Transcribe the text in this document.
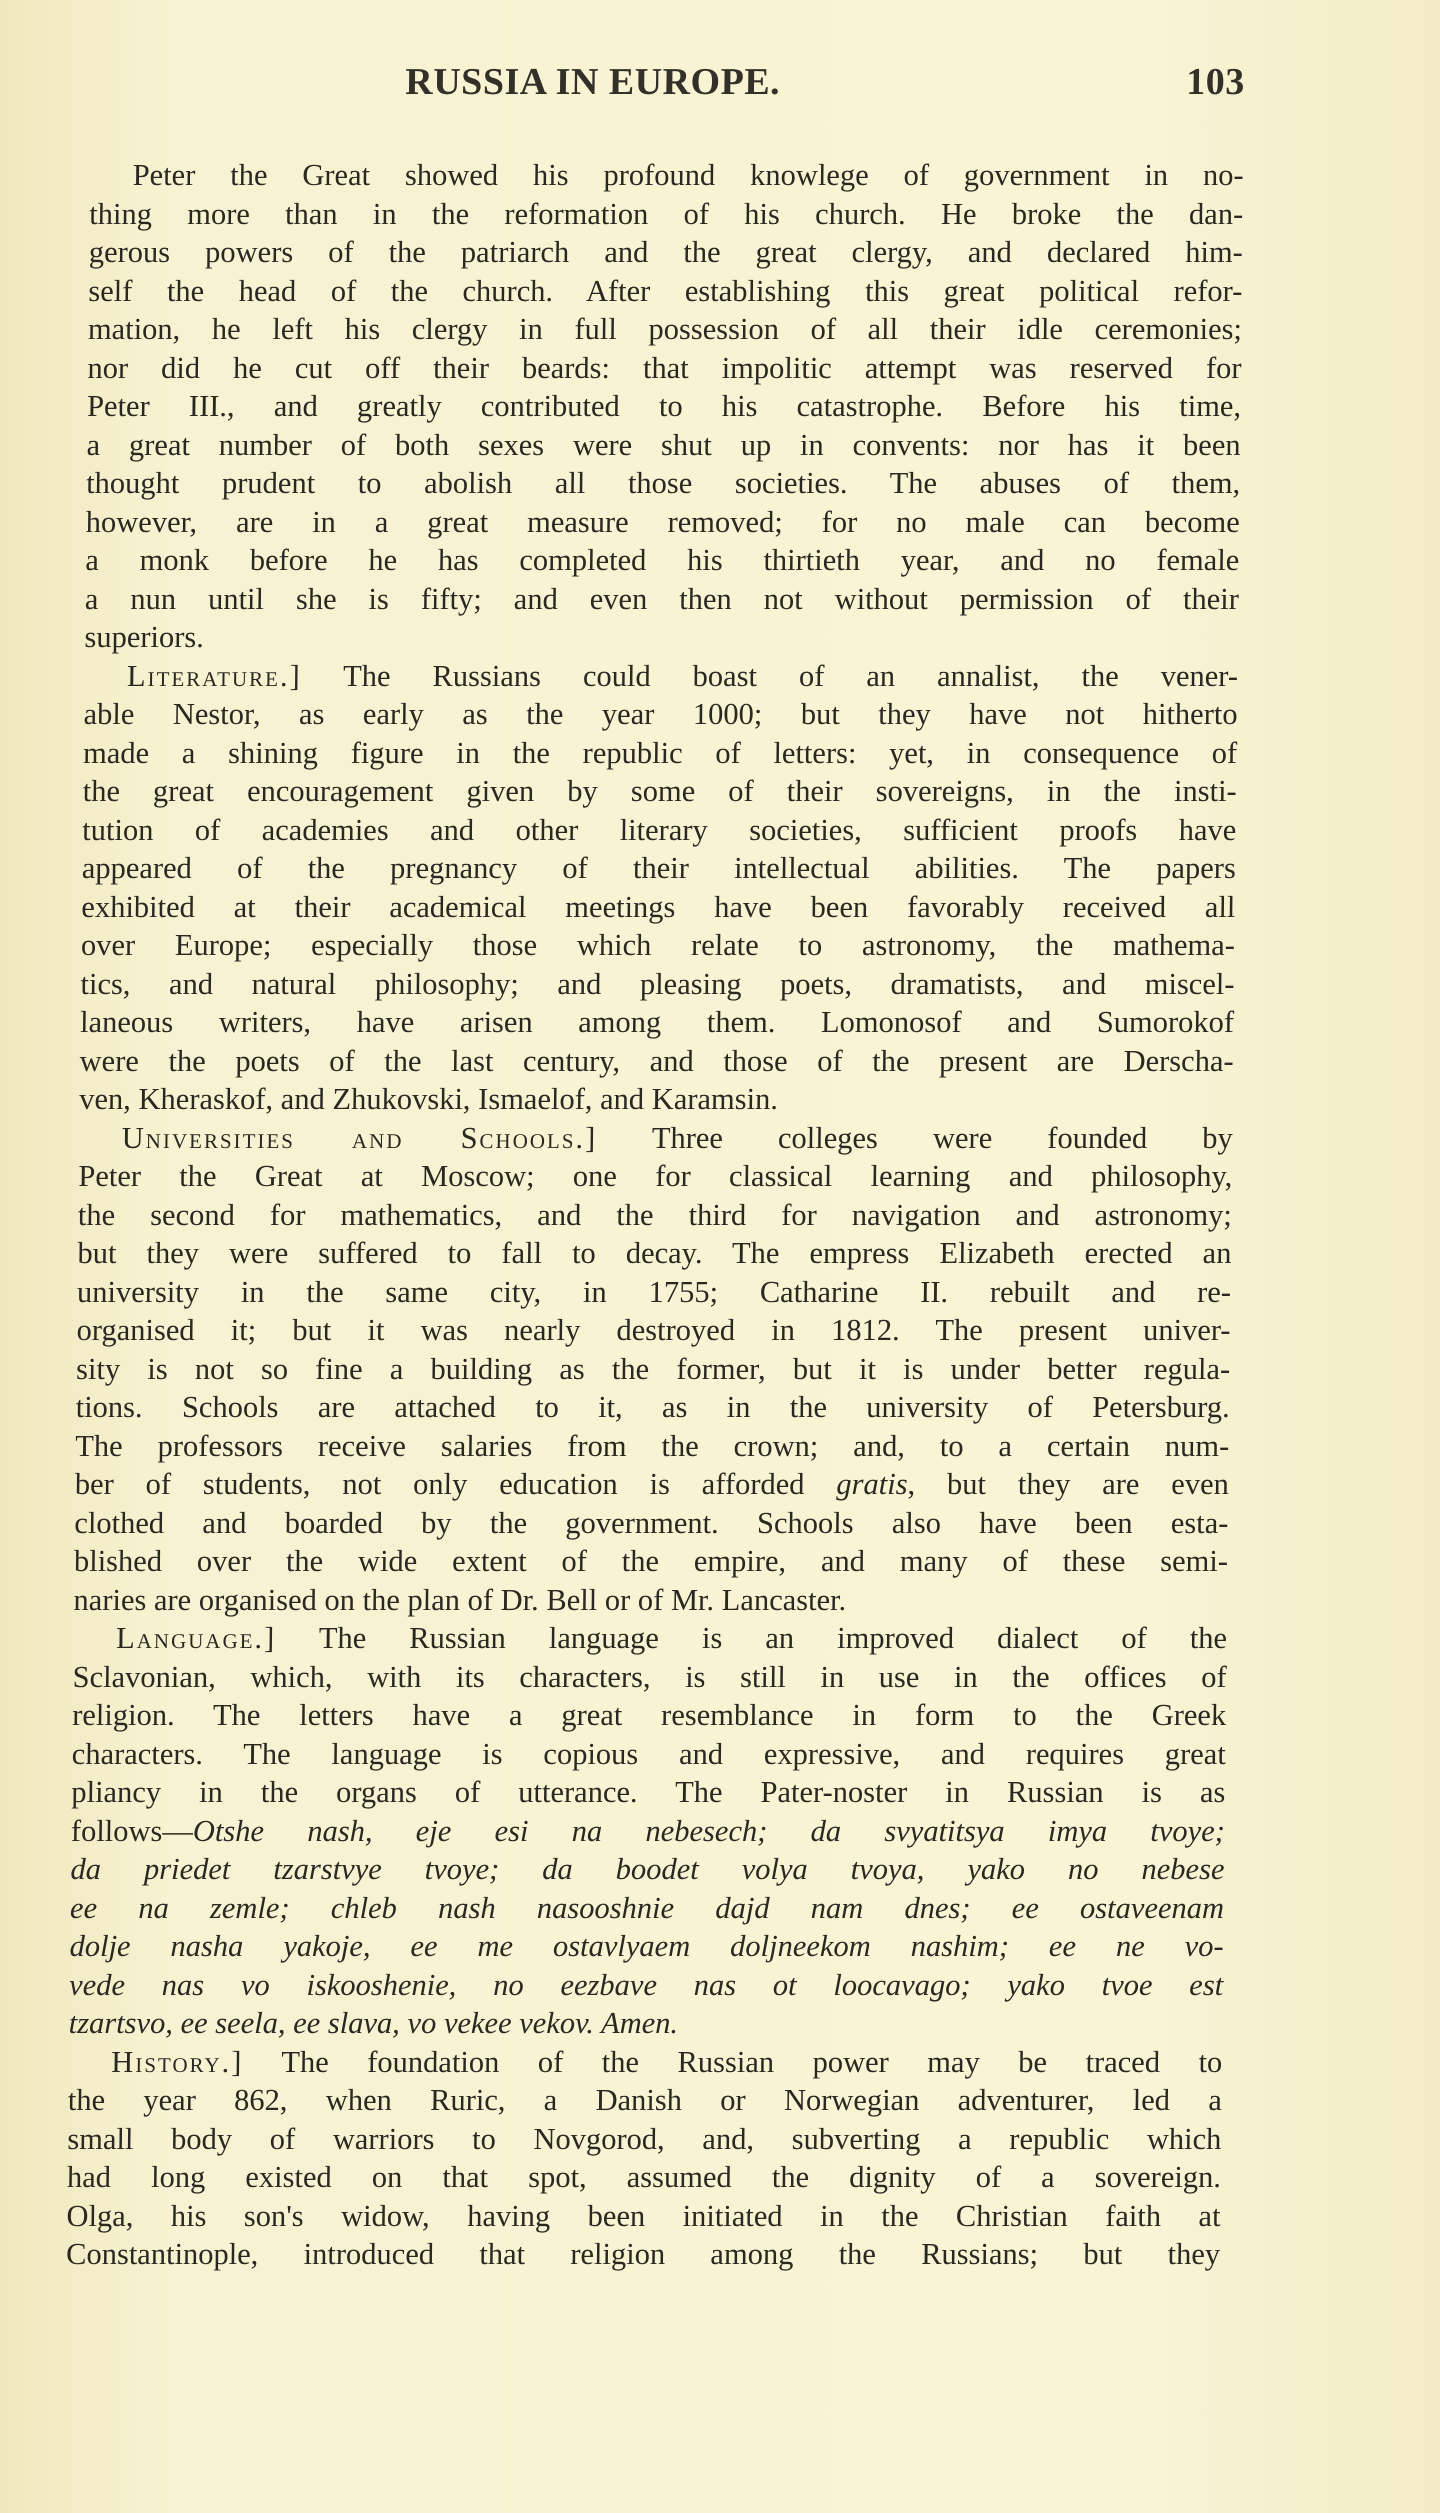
RUSSIA IN EUROPE.	103
Peter the Great showed his profound knowlege of government in no-
thing more than in the reformation of his church. He broke the dan-
gerous powers of the patriarch and the great clergy, and declared him-
self the head of the church. After establishing this great political refor-
mation, he left his clergy in full possession of all their idle ceremonies;
nor did he cut off their beards: that impolitic attempt was reserved for
Peter III., and greatly contributed to his catastrophe. Before his time,
a great number of both sexes were shut up in convents: nor has it been
thought prudent to abolish all those societies. The abuses of them,
however, are in a great measure removed; for no male can become
a monk before he has completed his thirtieth year, and no female
a nun until she is fifty; and even then not without permission of their
superiors.
Literature.] The Russians could boast of an annalist, the vener-
able Nestor, as early as the year 1000; but they have not hitherto
made a shining figure in the republic of letters: yet, in consequence of
the great encouragement given by some of their sovereigns, in the insti-
tution of academies and other literary societies, sufficient proofs have
appeared of the pregnancy of their intellectual abilities. The papers
exhibited at their academical meetings have been favorably received all
over Europe; especially those which relate to astronomy, the mathema-
tics, and natural philosophy; and pleasing poets, dramatists, and miscel-
laneous writers, have arisen among them. Lomonosof and Sumorokof
were the poets of the last century, and those of the present are Derscha-
ven, Kheraskof, and Zhukovski, Ismaelof, and Karamsin.
Universities and Schools.] Three colleges were founded by
Peter the Great at Moscow; one for classical learning and philosophy,
the second for mathematics, and the third for navigation and astronomy;
but they were suffered to fall to decay. The empress Elizabeth erected an
university in the same city, in 1755; Catharine II. rebuilt and re-
organised it; but it was nearly destroyed in 1812. The present univer-
sity is not so fine a building as the former, but it is under better regula-
tions. Schools are attached to it, as in the university of Petersburg.
The professors receive salaries from the crown; and, to a certain num-
ber of students, not only education is afforded gratis, but they are even
clothed and boarded by the government. Schools also have been esta-
blished over the wide extent of the empire, and many of these semi-
naries are organised on the plan of Dr. Bell or of Mr. Lancaster.
Language.] The Russian language is an improved dialect of the
Sclavonian, which, with its characters, is still in use in the offices of
religion. The letters have a great resemblance in form to the Greek
characters. The language is copious and expressive, and requires great
pliancy in the organs of utterance. The Pater-noster in Russian is as
follows—Otshe nash, eje esi na nebesech; da svyatitsya imya tvoye;
da priedet tzarstvye tvoye; da boodet volya tvoya, yako no nebese
ee na zemle; chleb nash nasooshnie dajd nam dnes; ee ostaveenam
dolje nasha yakoje, ee me ostavlyaem doljneekom nashim; ee ne vo-
vede nas vo iskooshenie, no eezbave nas ot loocavago; yako tvoe est
tzartsvo, ee seela, ee slava, vo vekee vekov. Amen.
History.] The foundation of the Russian power may be traced to
the year 862, when Ruric, a Danish or Norwegian adventurer, led a
small body of warriors to Novgorod, and, subverting a republic which
had long existed on that spot, assumed the dignity of a sovereign.
Olga, his son's widow, having been initiated in the Christian faith at
Constantinople, introduced that religion among the Russians; but they
